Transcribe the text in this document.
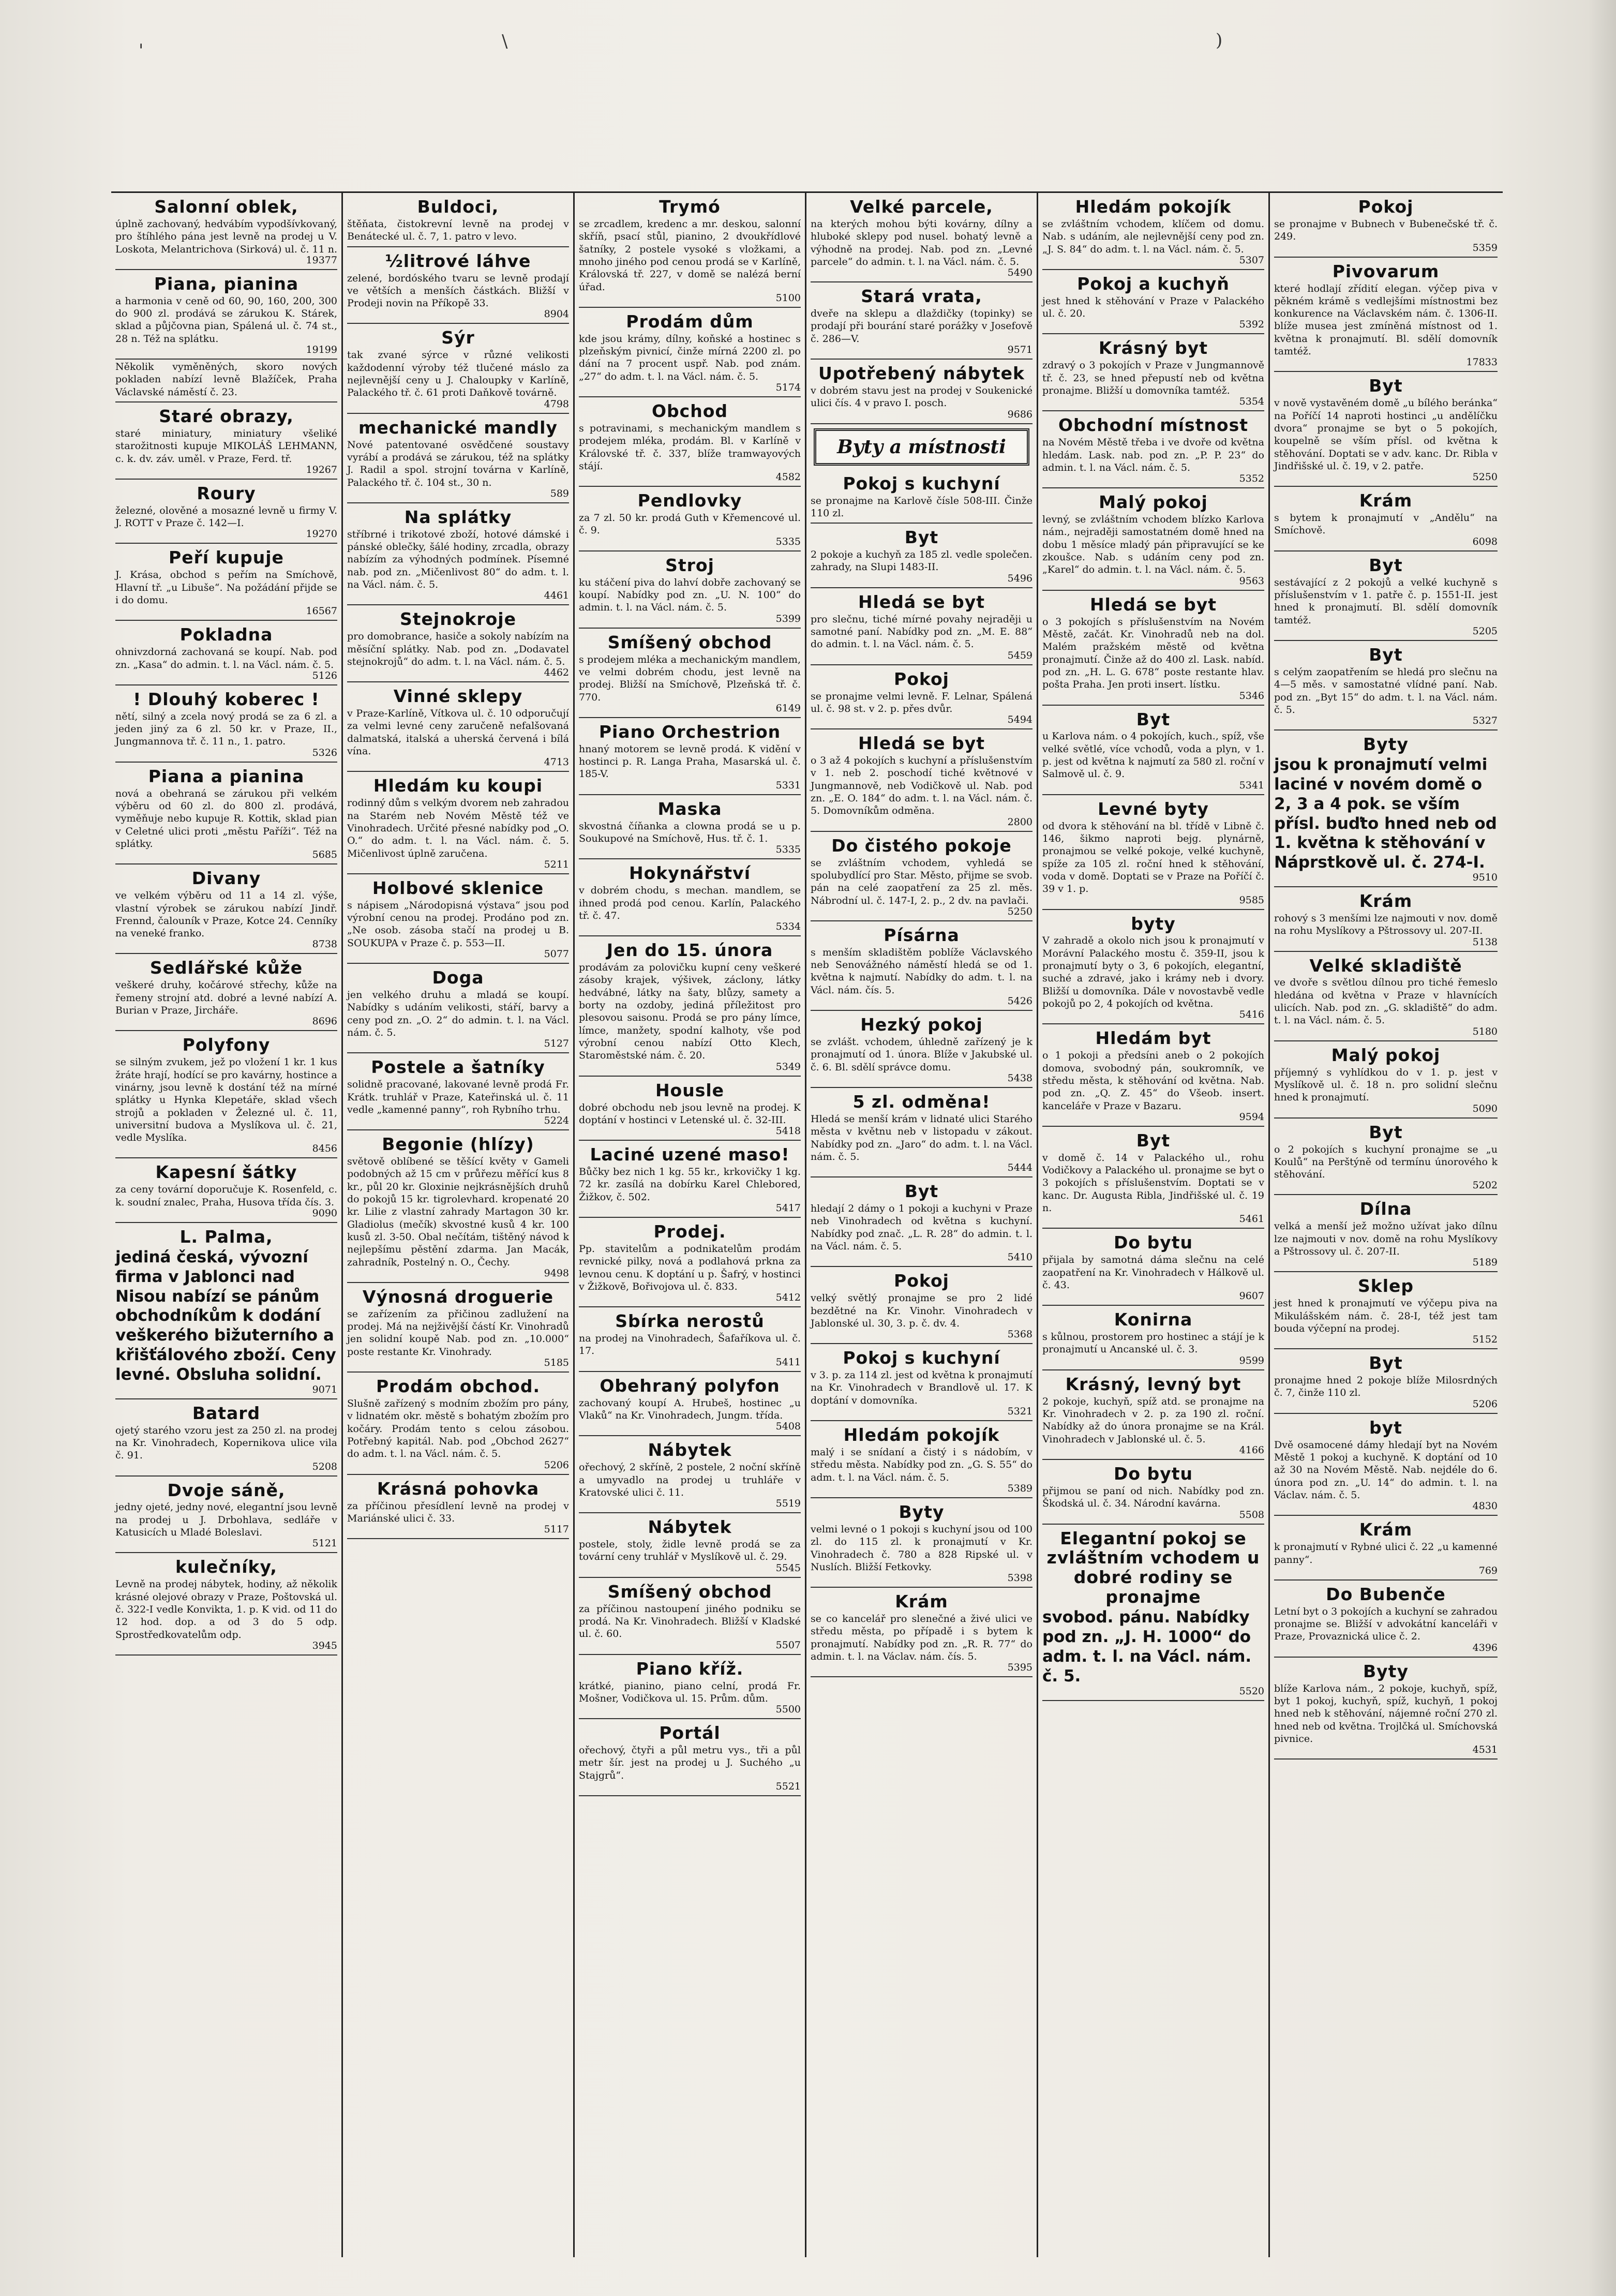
'	\	)
Salonní oblek,

úplně zachovaný, hedvábím vypodšívkovaný, pro štíhlého pána jest levně na prodej u V. Loskota, Melantrichova (Sirková) ul. č. 11 n.

19377
Piana, pianina

a harmonia v ceně od 60, 90, 160, 200, 300 do 900 zl. prodává se zárukou K. Stárek, sklad a půjčovna pian, Spálená ul. č. 74 st., 28 n. Též na splátku.

19199

Několik vyměněných, skoro nových pokladen nabízí levně Blažíček, Praha Václavské náměstí č. 23.

Staré obrazy,

staré miniatury, miniatury všeliké starožitnosti kupuje MIKOLÁŠ LEHMANN, c. k. dv. záv. uměl. v Praze, Ferd. tř.

19267
Roury

železné, olověné a mosazné levně u firmy V. J. ROTT v Praze č. 142—I.

19270
Peří kupuje

J. Krása, obchod s peřím na Smíchově, Hlavní tř. „u Libuše“. Na požádání přijde se i do domu.

16567
Pokladna

ohnivzdorná zachovaná se koupí. Nab. pod zn. „Kasa“ do admin. t. l. na Václ. nám. č. 5.

5126
! Dlouhý koberec !

nětí, silný a zcela nový prodá se za 6 zl. a jeden jiný za 6 zl. 50 kr. v Praze, II., Jungmannova tř. č. 11 n., 1. patro.

5326
Piana a pianina

nová a obehraná se zárukou při velkém výběru od 60 zl. do 800 zl. prodává, vyměňuje nebo kupuje R. Kottik, sklad pian v Celetné ulici proti „městu Paříži“. Též na splátky.

5685
Divany

ve velkém výběru od 11 a 14 zl. výše, vlastní výrobek se zárukou nabízí Jindř. Frennd, čalouník v Praze, Kotce 24. Cenníky na veneké franko.

8738
Sedlářské kůže

veškeré druhy, kočárové střechy, kůže na řemeny strojní atd. dobré a levné nabízí A. Burian v Praze, Jircháře.

8696
Polyfony

se silným zvukem, jež po vložení 1 kr. 1 kus žráte hrají, hodící se pro kavárny, hostince a vinárny, jsou levně k dostání též na mírné splátky u Hynka Klepetáře, sklad všech strojů a pokladen v Železné ul. č. 11, universitní budova a Myslíkova ul. č. 21, vedle Myslíka.

8456
Kapesní šátky

za ceny tovární doporučuje K. Rosenfeld, c. k. soudní znalec, Praha, Husova třída čís. 3.

9090
L. Palma,

jediná česká, vývozní firma v Jablonci nad Nisou nabízí se pánům obchodníkům k dodání veškerého bižuterního a křišťálového zboží. Ceny levné. Obsluha solidní.

9071
Batard

ojetý starého vzoru jest za 250 zl. na prodej na Kr. Vinohradech, Kopernikova ulice vila č. 91.

5208
Dvoje sáně,

jedny ojeté, jedny nové, elegantní jsou levně na prodej u J. Drbohlava, sedláře v Katusicích u Mladé Boleslavi.

5121
kulečníky,

Levně na prodej nábytek, hodiny, až několik krásné olejové obrazy v Praze, Poštovská ul. č. 322-I vedle Konvikta, 1. p. K vid. od 11 do 12 hod. dop. a od 3 do 5 odp. Sprostředkovatelům odp.

3945
Buldoci,

štěňata, čistokrevní levně na prodej v Benátecké ul. č. 7, 1. patro v levo.

½litrové láhve

zelené, bordóského tvaru se levně prodají ve větších a menších částkách. Bližší v Prodeji novin na Příkopě 33.

8904
Sýr

tak zvané sýrce v různé velikosti každodenní výroby též tlučené máslo za nejlevnější ceny u J. Chaloupky v Karlíně, Palackého tř. č. 61 proti Daňkově továrně.

4798
mechanické mandly

Nové patentované osvědčené soustavy vyrábí a prodává se zárukou, též na splátky J. Radil a spol. strojní továrna v Karlíně, Palackého tř. č. 104 st., 30 n.

589
Na splátky

stříbrné i trikotové zboží, hotové dámské i pánské oblečky, šálé hodiny, zrcadla, obrazy nabízím za výhodných podmínek. Písemné nab. pod zn. „Mičenlivost 80“ do adm. t. l. na Václ. nám. č. 5.

4461
Stejnokroje

pro domobrance, hasiče a sokoly nabízím na měsíční splátky. Nab. pod zn. „Dodavatel stejnokrojů“ do adm. t. l. na Václ. nám. č. 5.

4462
Vinné sklepy

v Praze-Karlíně, Vítkova ul. č. 10 odporučují za velmi levné ceny zaručeně nefalšovaná dalmatská, italská a uherská červená i bílá vína.

4713
Hledám ku koupi

rodinný dům s velkým dvorem neb zahradou na Starém neb Novém Městě též ve Vinohradech. Určité přesné nabídky pod „O. O.“ do adm. t. l. na Václ. nám. č. 5. Mičenlivost úplně zaručena.

5211
Holbové sklenice

s nápisem „Národopisná výstava“ jsou pod výrobní cenou na prodej. Prodáno pod zn. „Ne osob. zásoba stačí na prodej u B. SOUKUPA v Praze č. p. 553—II.

5077
Doga

jen velkého druhu a mladá se koupí. Nabídky s udáním velikosti, stáří, barvy a ceny pod zn. „O. 2“ do admin. t. l. na Václ. nám. č. 5.

5127
Postele a šatníky

solidně pracované, lakované levně prodá Fr. Krátk. truhlář v Praze, Kateřinská ul. č. 11 vedle „kamenné panny“, roh Rybního trhu.

5224
Begonie (hlízy)

světově oblíbené se těšící květy v Gameli podobných až 15 cm v průřezu měřící kus 8 kr., půl 20 kr. Gloxinie nejkrásnějších druhů do pokojů 15 kr. tigrolevhard. kropenaté 20 kr. Lilie z vlastní zahrady Martagon 30 kr. Gladiolus (mečík) skvostné kusů 4 kr. 100 kusů zl. 3-50. Obal nečítám, tištěný návod k nejlepšímu pěstění zdarma. Jan Macák, zahradník, Postelný n. O., Čechy.

9498
Výnosná droguerie

se zařízením za přičinou zadlužení na prodej. Má na nejživější částí Kr. Vinohradů jen solidní koupě Nab. pod zn. „10.000“ poste restante Kr. Vinohrady.

5185
Prodám obchod.

Slušně zařízený s modním zbožím pro pány, v lidnatém okr. městě s bohatým zbožím pro kočáry. Prodám tento s celou zásobou. Potřebný kapitál. Nab. pod „Obchod 2627“ do adm. t. l. na Václ. nám. č. 5.

5206
Krásná pohovka

za příčinou přesídlení levně na prodej v Mariánské ulici č. 33.

5117
Trymó

se zrcadlem, kredenc a mr. deskou, salonní skříň, psací stůl, pianino, 2 dvoukřídlové šatníky, 2 postele vysoké s vložkami, a mnoho jiného pod cenou prodá se v Karlíně, Královská tř. 227, v domě se nalézá berní úřad.

5100
Prodám dům

kde jsou krámy, dílny, koňské a hostinec s plzeňským pivnicí, činže mírná 2200 zl. po dání na 7 procent uspř. Nab. pod znám. „27“ do adm. t. l. na Václ. nám. č. 5.

5174
Obchod

s potravinami, s mechanickým mandlem s prodejem mléka, prodám. Bl. v Karlíně v Královské tř. č. 337, blíže tramwayových stájí.

4582
Pendlovky

za 7 zl. 50 kr. prodá Guth v Křemencové ul. č. 9.

5335
Stroj

ku stáčení piva do lahví dobře zachovaný se koupí. Nabídky pod zn. „U. N. 100“ do admin. t. l. na Václ. nám. č. 5.

5399
Smíšený obchod

s prodejem mléka a mechanickým mandlem, ve velmi dobrém chodu, jest levně na prodej. Bližší na Smíchově, Plzeňská tř. č. 770.

6149
Piano Orchestrion

hnaný motorem se levně prodá. K vidění v hostinci p. R. Langa Praha, Masarská ul. č. 185-V.

5331
Maska

skvostná číňanka a clowna prodá se u p. Soukupové na Smíchově, Hus. tř. č. 1.

5335
Hokynářství

v dobrém chodu, s mechan. mandlem, se ihned prodá pod cenou. Karlín, Palackého tř. č. 47.

5334
Jen do 15. února

prodávám za polovičku kupní ceny veškeré zásoby krajek, výšivek, záclony, látky hedvábné, látky na šaty, blůzy, samety a borty na ozdoby, jediná příležitost pro plesovou saisonu. Prodá se pro pány límce, límce, manžety, spodní kalhoty, vše pod výrobní cenou nabízí Otto Klech, Staroměstské nám. č. 20.

5349
Housle

dobré obchodu neb jsou levně na prodej. K doptání v hostinci v Letenské ul. č. 32-III.

5418
Laciné uzené maso!

Bůčky bez nich 1 kg. 55 kr., krkovičky 1 kg. 72 kr. zasílá na dobírku Karel Chlebored, Žižkov, č. 502.

5417
Prodej.

Pp. stavitelům a podnikatelům prodám revnické pilky, nová a podlahová prkna za levnou cenu. K doptání u p. Šafrý, v hostinci v Žižkově, Bořivojova ul. č. 833.

5412
Sbírka nerostů

na prodej na Vinohradech, Šafaříkova ul. č. 17.

5411
Obehraný polyfon

zachovaný koupí A. Hrubeš, hostinec „u Vlaků“ na Kr. Vinohradech, Jungm. třída.

5408
Nábytek

ořechový, 2 skříně, 2 postele, 2 noční skříně a umyvadlo na prodej u truhláře v Kratovské ulici č. 11.

5519
Nábytek

postele, stoly, židle levně prodá se za tovární ceny truhlář v Myslíkově ul. č. 29.

5545
Smíšený obchod

za příčinou nastoupení jiného podniku se prodá. Na Kr. Vinohradech. Bližší v Kladské ul. č. 60.

5507
Piano kříž.

krátké, pianino, piano celní, prodá Fr. Mošner, Vodičkova ul. 15. Prům. dům.

5500
Portál

ořechový, čtyři a půl metru vys., tři a půl metr šír. jest na prodej u J. Suchého „u Stajgrů“.

5521
Velké parcele,

na kterých mohou býti kovárny, dílny a hluboké sklepy pod nusel. bohatý levně a výhodně na prodej. Nab. pod zn. „Levné parcele“ do admin. t. l. na Václ. nám. č. 5.

5490
Stará vrata,

dveře na sklepu a dlaždičky (topinky) se prodají při bourání staré porážky v Josefově č. 286—V.

9571
Upotřebený nábytek

v dobrém stavu jest na prodej v Soukenické ulici čís. 4 v pravo I. posch.

9686
Byty a místnosti
Pokoj s kuchyní

se pronajme na Karlově čísle 508-III. Činže 110 zl.

Byt

2 pokoje a kuchyň za 185 zl. vedle společen. zahrady, na Slupi 1483-II.

5496
Hledá se byt

pro slečnu, tiché mírné povahy nejraději u samotné paní. Nabídky pod zn. „M. E. 88“ do admin. t. l. na Václ. nám. č. 5.

5459
Pokoj

se pronajme velmi levně. F. Lelnar, Spálená ul. č. 98 st. v 2. p. přes dvůr.

5494
Hledá se byt

o 3 až 4 pokojích s kuchyní a příslušenstvím v 1. neb 2. poschodí tiché květnové v Jungmannově, neb Vodičkově ul. Nab. pod zn. „E. O. 184“ do adm. t. l. na Václ. nám. č. 5. Domovníkům odměna.

2800
Do čistého pokoje

se zvláštním vchodem, vyhledá se spolubydlící pro Star. Město, přijme se svob. pán na celé zaopatření za 25 zl. měs. Nábrodní ul. č. 147-I, 2. p., 2 dv. na pavlači.

5250
Písárna

s menším skladištěm poblíže Václavského neb Senovážného náměstí hledá se od 1. května k najmutí. Nabídky do adm. t. l. na Václ. nám. čís. 5.

5426
Hezký pokoj

se zvlášt. vchodem, úhledně zařízený je k pronajmutí od 1. února. Blíže v Jakubské ul. č. 6. Bl. sdělí správce domu.

5438
5 zl. odměna!

Hledá se menší krám v lidnaté ulici Starého města v květnu neb v listopadu v zákout. Nabídky pod zn. „Jaro“ do adm. t. l. na Václ. nám. č. 5.

5444
Byt

hledají 2 dámy o 1 pokoji a kuchyni v Praze neb Vinohradech od května s kuchyní. Nabídky pod znač. „L. R. 28“ do admin. t. l. na Václ. nám. č. 5.

5410
Pokoj

velký světlý pronajme se pro 2 lidé bezdětné na Kr. Vinohr. Vinohradech v Jablonské ul. 30, 3. p. č. dv. 4.

5368
Pokoj s kuchyní

v 3. p. za 114 zl. jest od května k pronajmutí na Kr. Vinohradech v Brandlově ul. 17. K doptání v domovníka.

5321
Hledám pokojík

malý i se snídaní a čistý i s nádobím, v středu města. Nabídky pod zn. „G. S. 55“ do adm. t. l. na Václ. nám. č. 5.

5389
Byty

velmi levné o 1 pokoji s kuchyní jsou od 100 zl. do 115 zl. k pronajmutí v Kr. Vinohradech č. 780 a 828 Ripské ul. v Nuslích. Bližší Fetkovky.

5398
Krám

se co kancelář pro slenečné a živé ulici ve středu města, po případě i s bytem k pronajmutí. Nabídky pod zn. „R. R. 77“ do admin. t. l. na Václav. nám. čís. 5.

5395
Hledám pokojík

se zvláštním vchodem, klíčem od domu. Nab. s udáním, ale nejlevnější ceny pod zn. „J. S. 84“ do adm. t. l. na Václ. nám. č. 5.

5307
Pokoj a kuchyň

jest hned k stěhování v Praze v Palackého ul. č. 20.

5392
Krásný byt

zdravý o 3 pokojích v Praze v Jungmannově tř. č. 23, se hned přepustí neb od května pronajme. Bližší u domovníka tamtéž.

5354
Obchodní místnost

na Novém Městě třeba i ve dvoře od května hledám. Lask. nab. pod zn. „P. P. 23“ do admin. t. l. na Václ. nám. č. 5.

5352
Malý pokoj

levný, se zvláštním vchodem blízko Karlova nám., nejraději samostatném domě hned na dobu 1 měsíce mladý pán připravující se ke zkoušce. Nab. s udáním ceny pod zn. „Karel“ do admin. t. l. na Václ. nám. č. 5.

9563
Hledá se byt

o 3 pokojích s příslušenstvím na Novém Městě, začát. Kr. Vinohradů neb na dol. Malém pražském městě od května pronajmutí. Činže až do 400 zl. Lask. nabíd. pod zn. „H. L. G. 678“ poste restante hlav. pošta Praha. Jen proti insert. lístku.

5346
Byt

u Karlova nám. o 4 pokojích, kuch., spíž, vše velké světlé, více vchodů, voda a plyn, v 1. p. jest od května k najmutí za 580 zl. roční v Salmově ul. č. 9.

5341
Levné byty

od dvora k stěhování na bl. třídě v Libně č. 146, šikmo naproti bejg. plynárně, pronajmou se velké pokoje, velké kuchyně, spíže za 105 zl. roční hned k stěhování, voda v domě. Doptati se v Praze na Poříčí č. 39 v 1. p.

9585
byty

V zahradě a okolo nich jsou k pronajmutí v Morávní Palackého mostu č. 359-II, jsou k pronajmutí byty o 3, 6 pokojích, elegantní, suché a zdravé, jako i krámy neb i dvory. Bližší u domovníka. Dále v novostavbě vedle pokojů po 2, 4 pokojích od května.

5416
Hledám byt

o 1 pokoji a předsíni aneb o 2 pokojích domova, svobodný pán, soukromník, ve středu města, k stěhování od května. Nab. pod zn. „Q. Z. 45“ do Všeob. insert. kanceláře v Praze v Bazaru.

9594
Byt

v domě č. 14 v Palackého ul., rohu Vodičkovy a Palackého ul. pronajme se byt o 3 pokojích s příslušenstvím. Doptati se v kanc. Dr. Augusta Ribla, Jindřišské ul. č. 19 n.

5461
Do bytu

přijala by samotná dáma slečnu na celé zaopatření na Kr. Vinohradech v Hálkově ul. č. 43.

9607
Konirna

s kůlnou, prostorem pro hostinec a stájí je k pronajmutí u Ancanské ul. č. 3.

9599
Krásný, levný byt

2 pokoje, kuchyň, spíž atd. se pronajme na Kr. Vinohradech v 2. p. za 190 zl. roční. Nabídky až do února pronajme se na Král. Vinohradech v Jablonské ul. č. 5.

4166
Do bytu

přijmou se paní od nich. Nabídky pod zn. Škodská ul. č. 34. Národní kavárna.

5508
Elegantní pokoj se zvláštním vchodem u dobré rodiny se pronajme

svobod. pánu. Nabídky pod zn. „J. H. 1000“ do adm. t. l. na Václ. nám. č. 5.

5520
Pokoj

se pronajme v Bubnech v Bubenečské tř. č. 249.

5359
Pivovarum

které hodlají zřídití elegan. výčep piva v pěkném krámě s vedlejšími místnostmi bez konkurence na Václavském nám. č. 1306-II. blíže musea jest zmíněná místnost od 1. května k pronajmutí. Bl. sdělí domovník tamtéž.

17833
Byt

v nově vystavěném domě „u bílého beránka“ na Poříčí 14 naproti hostinci „u andělíčku dvora“ pronajme se byt o 5 pokojích, koupelně se vším přísl. od května k stěhování. Doptati se v adv. kanc. Dr. Ribla v Jindřišské ul. č. 19, v 2. patře.

5250
Krám

s bytem k pronajmutí v „Andělu“ na Smíchově.

6098
Byt

sestávající z 2 pokojů a velké kuchyně s příslušenstvím v 1. patře č. p. 1551-II. jest hned k pronajmutí. Bl. sdělí domovník tamtéž.

5205
Byt

s celým zaopatřením se hledá pro slečnu na 4—5 měs. v samostatné vlídné paní. Nab. pod zn. „Byt 15“ do adm. t. l. na Václ. nám. č. 5.

5327
Byty

jsou k pronajmutí velmi laciné v novém domě o 2, 3 a 4 pok. se vším přísl. buďto hned neb od 1. května k stěhování v Náprstkově ul. č. 274-I.

9510
Krám

rohový s 3 menšími lze najmouti v nov. domě na rohu Myslíkovy a Pštrossovy ul. 207-II.

5138
Velké skladiště

ve dvoře s světlou dílnou pro tiché řemeslo hledána od května v Praze v hlavnících ulicích. Nab. pod zn. „G. skladiště“ do adm. t. l. na Václ. nám. č. 5.

5180
Malý pokoj

příjemný s vyhlídkou do v 1. p. jest v Myslíkově ul. č. 18 n. pro solidní slečnu hned k pronajmutí.

5090
Byt

o 2 pokojích s kuchyní pronajme se „u Koulů“ na Perštýně od termínu únorového k stěhování.

5202
Dílna

velká a menší jež možno užívat jako dílnu lze najmouti v nov. domě na rohu Myslíkovy a Pštrossovy ul. č. 207-II.

5189
Sklep

jest hned k pronajmutí ve výčepu piva na Mikulášském nám. č. 28-I, též jest tam bouda výčepní na prodej.

5152
Byt

pronajme hned 2 pokoje blíže Milosrdných č. 7, činže 110 zl.

5206
byt

Dvě osamocené dámy hledají byt na Novém Městě 1 pokoj a kuchyně. K doptání od 10 až 30 na Novém Městě. Nab. nejdéle do 6. února pod zn. „U. 14“ do admin. t. l. na Václav. nám. č. 5.

4830
Krám

k pronajmutí v Rybné ulici č. 22 „u kamenné panny“.

769
Do Bubenče

Letní byt o 3 pokojích a kuchyní se zahradou pronajme se. Bližší v advokátní kanceláři v Praze, Provaznická ulice č. 2.

4396
Byty

blíže Karlova nám., 2 pokoje, kuchyň, spíž, byt 1 pokoj, kuchyň, spíž, kuchyň, 1 pokoj hned neb k stěhování, nájemné roční 270 zl. hned neb od května. Trojlčká ul. Smíchovská pivnice.

4531
